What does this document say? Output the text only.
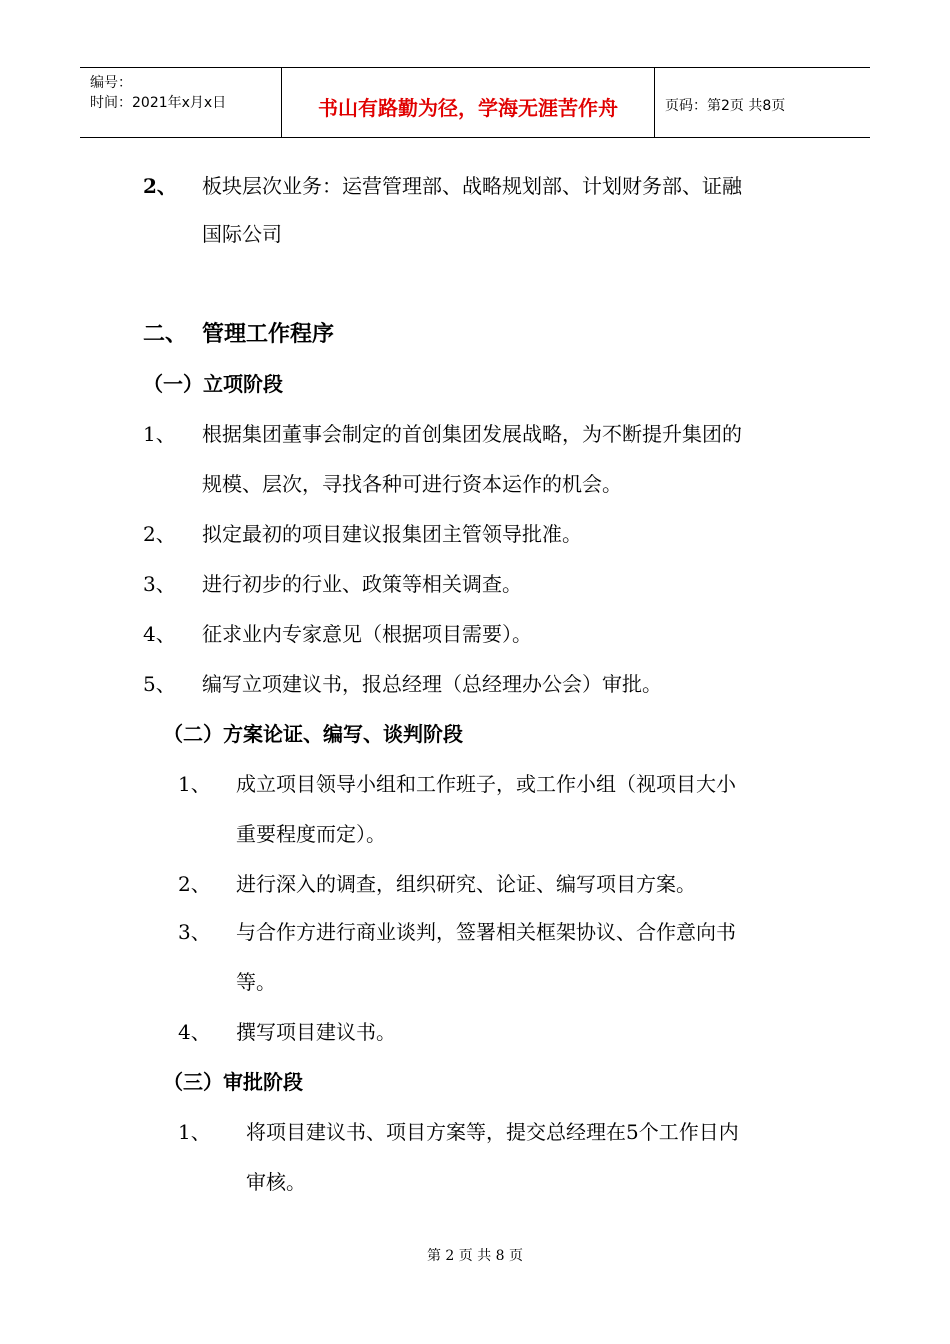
编号：
时间：2021年x月x日	书山有路勤为径，学海无涯苦作舟	页码：第2页 共8页
2、 板块层次业务：运营管理部、战略规划部、计划财务部、证融
国际公司
二、 管理工作程序
（一）立项阶段
1、 根据集团董事会制定的首创集团发展战略，为不断提升集团的
规模、层次，寻找各种可进行资本运作的机会。
2、 拟定最初的项目建议报集团主管领导批准。
3、 进行初步的行业、政策等相关调查。
4、 征求业内专家意见（根据项目需要）。
5、 编写立项建议书，报总经理（总经理办公会）审批。
（二）方案论证、编写、谈判阶段
1、 成立项目领导小组和工作班子，或工作小组（视项目大小
重要程度而定）。
2、 进行深入的调查，组织研究、论证、编写项目方案。
3、 与合作方进行商业谈判，签署相关框架协议、合作意向书
等。
4、 撰写项目建议书。
（三）审批阶段
1、 将项目建议书、项目方案等，提交总经理在5个工作日内
审核。
第 2 页 共 8 页
